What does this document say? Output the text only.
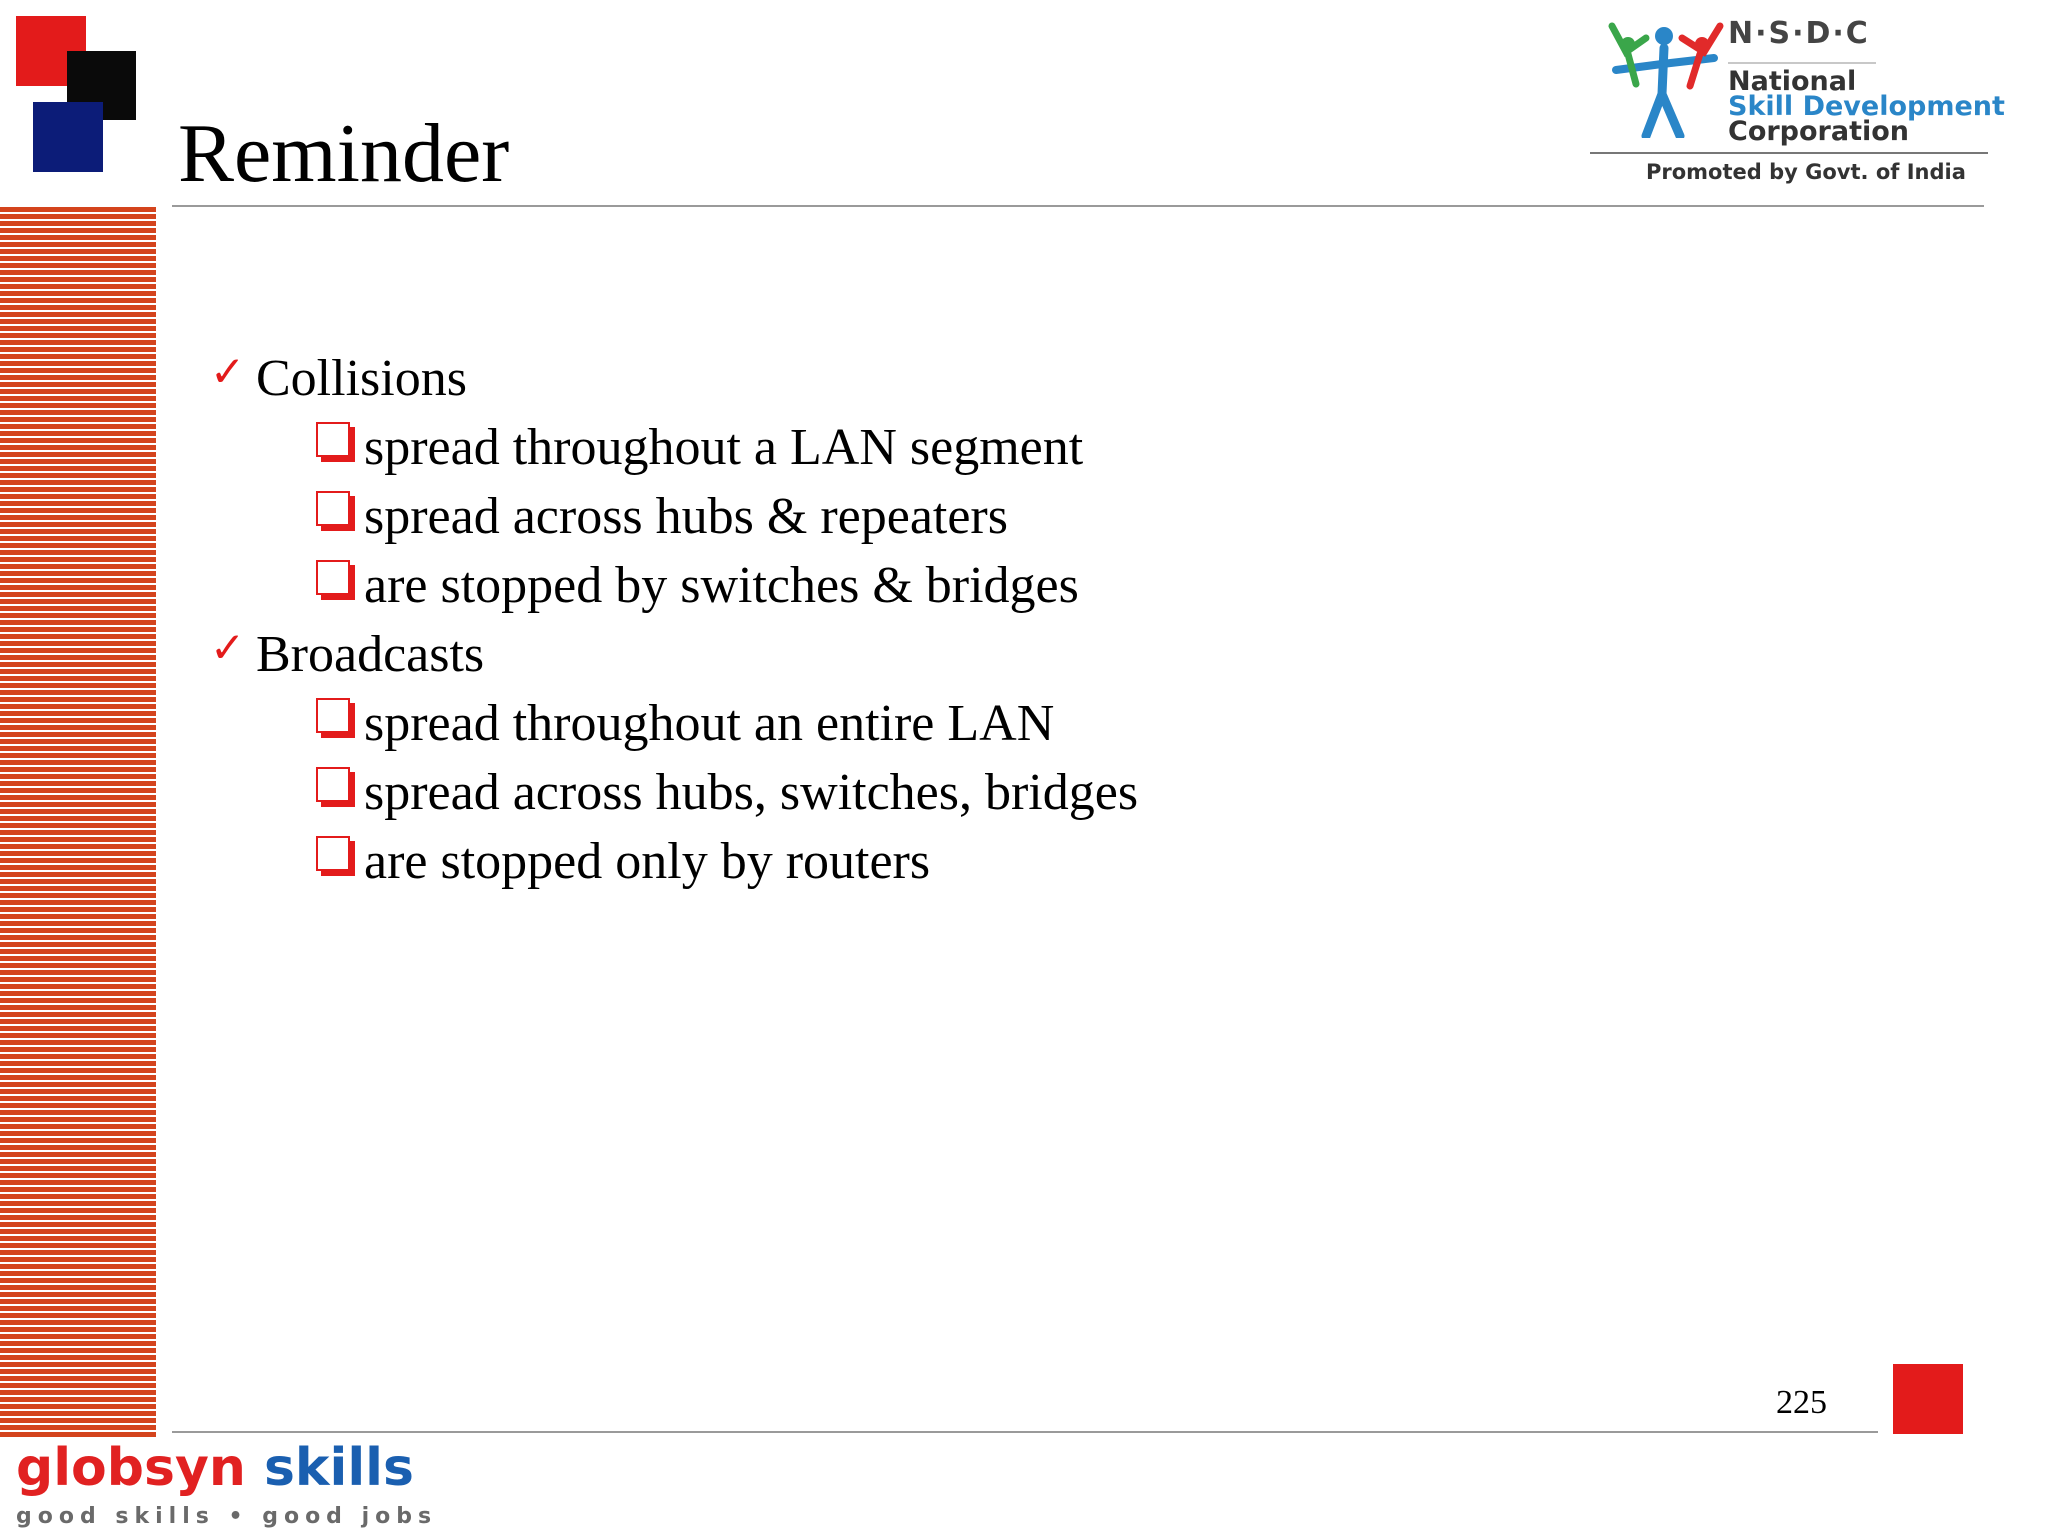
Reminder
N·S·D·C
National
Skill Development
Corporation
Promoted by Govt. of India
✓ Collisions
spread throughout a LAN segment
spread across hubs & repeaters
are stopped by switches & bridges
✓ Broadcasts
spread throughout an entire LAN
spread across hubs, switches, bridges
are stopped only by routers
225
globsyn skills
good skills • good jobs
